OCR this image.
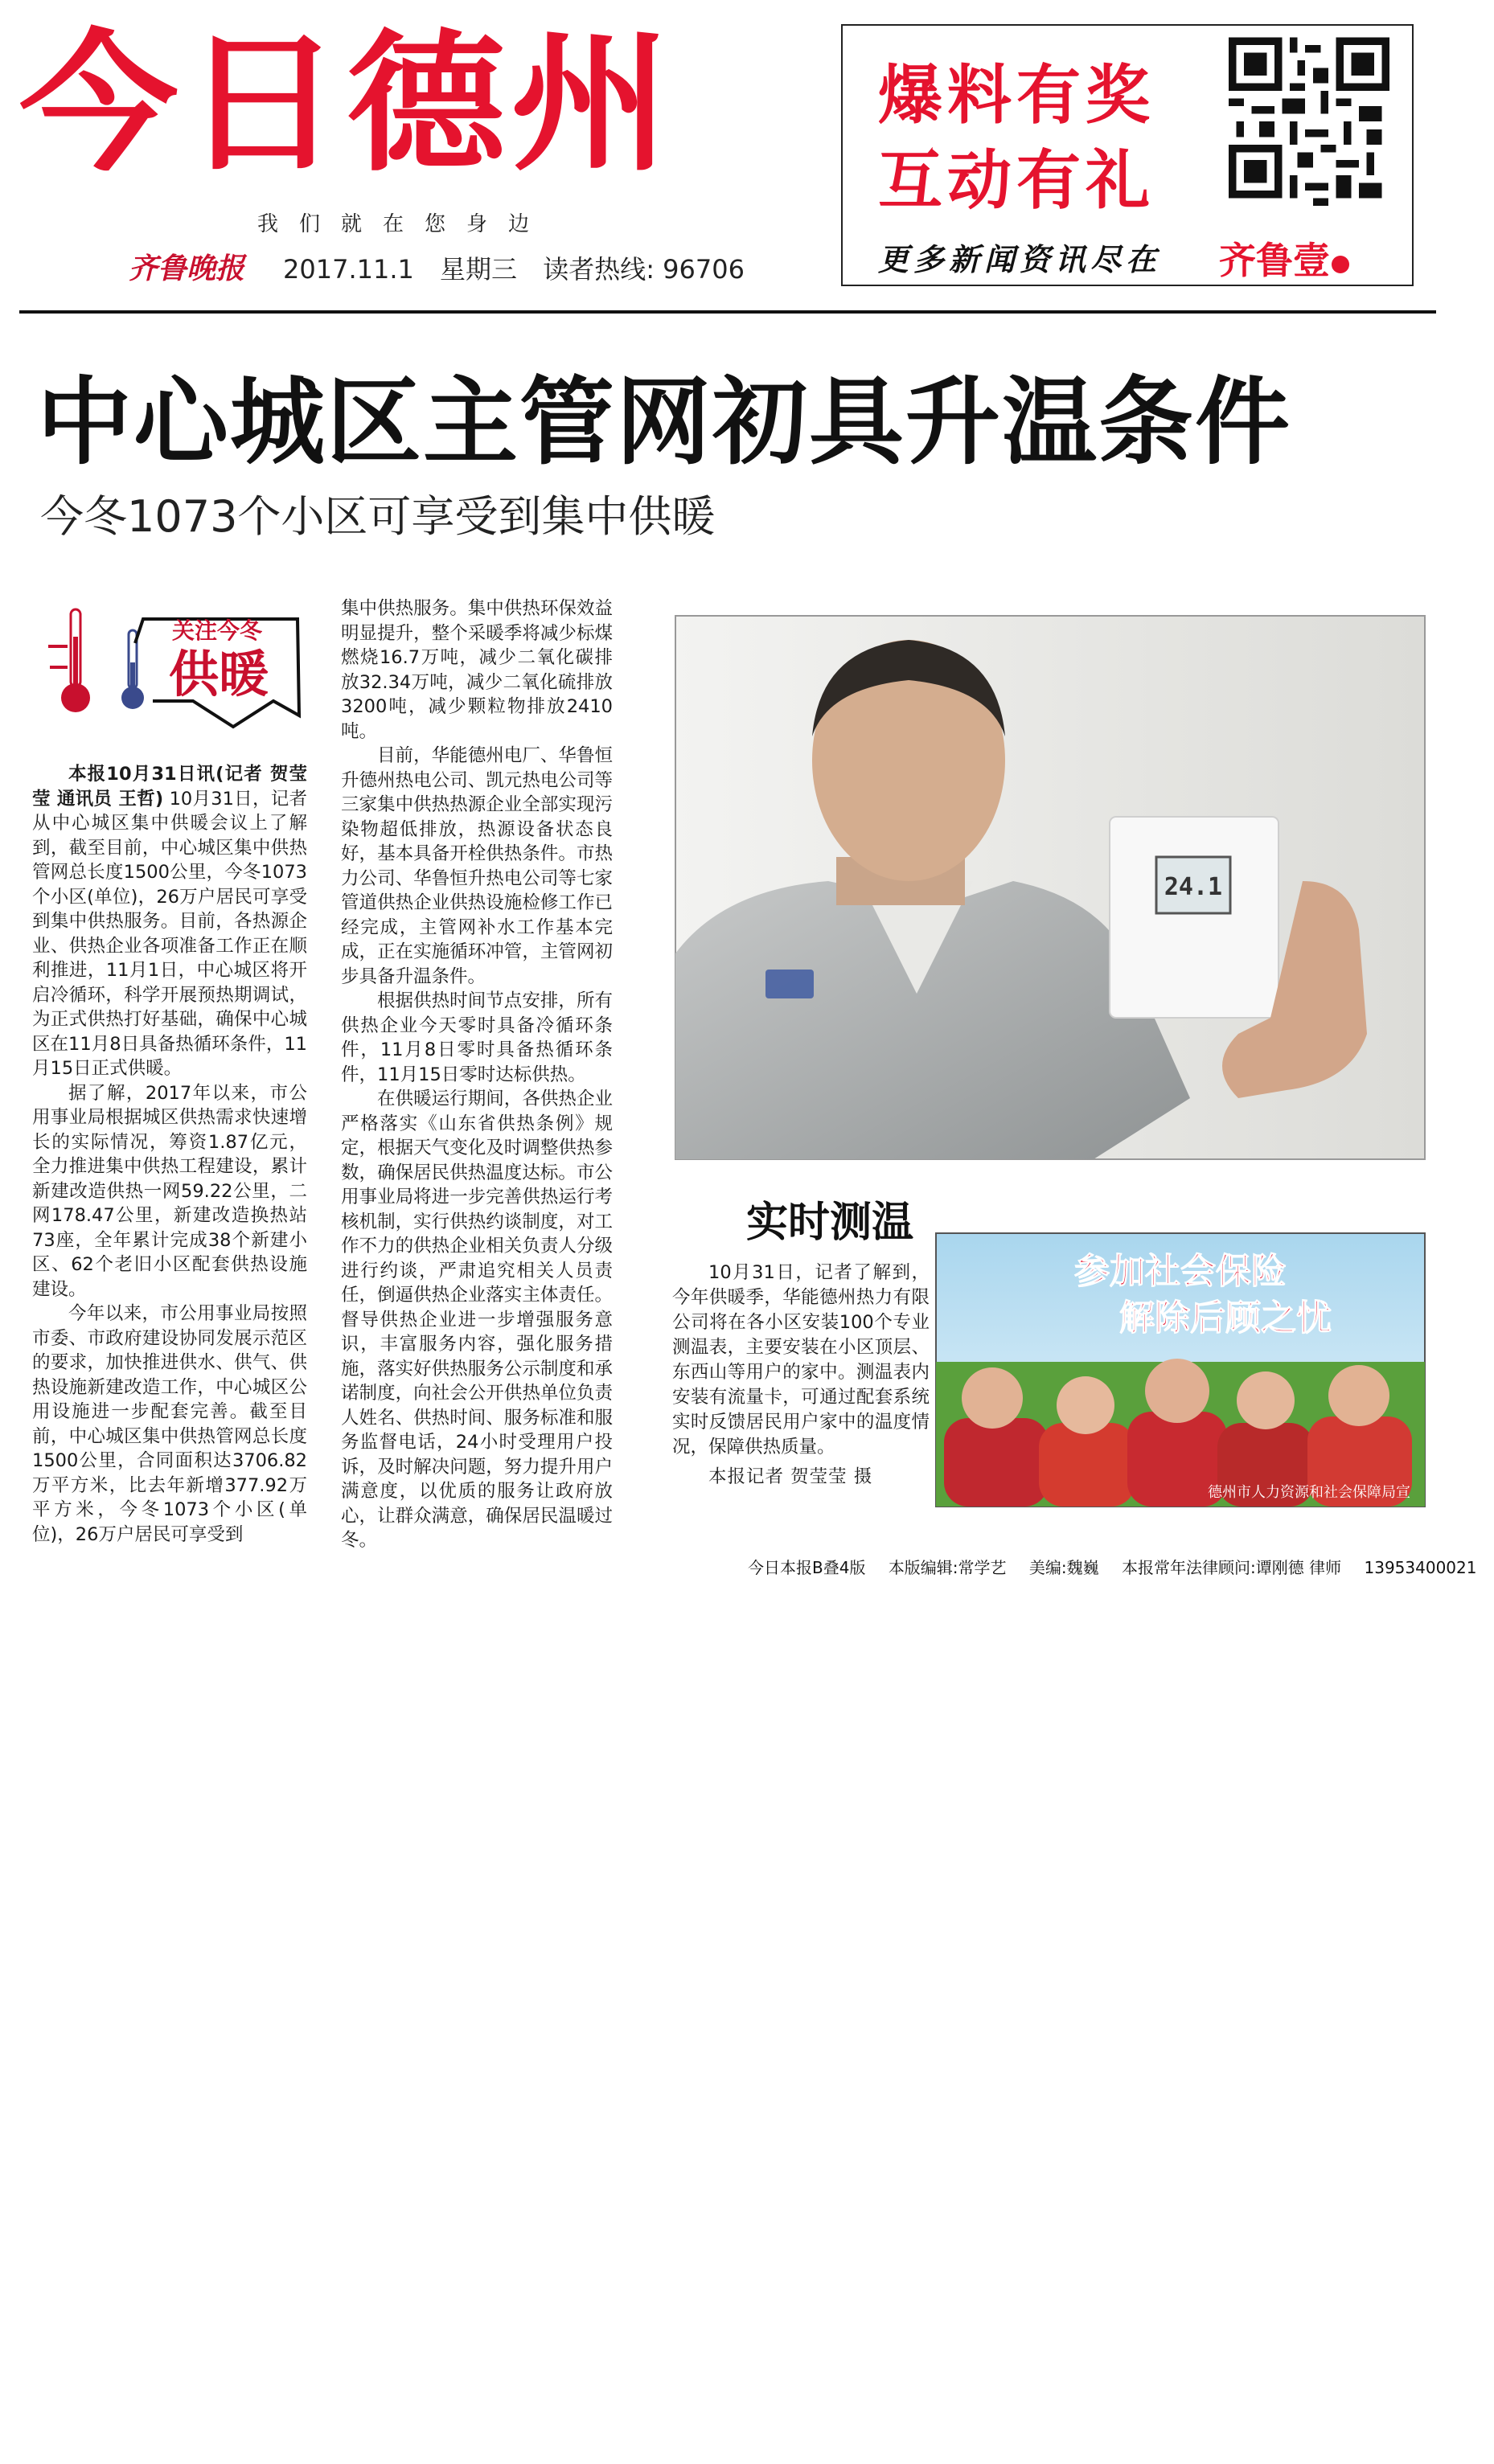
今日德州
我们就在您身边
齐鲁晚报 2017.11.1 星期三 读者热线: 96706
爆料有奖
互动有礼
更多新闻资讯尽在 齐鲁壹
中心城区主管网初具升温条件
今冬1073个小区可享受到集中供暖
关注今冬
供暖

本报10月31日讯(记者 贺莹莹 通讯员 王哲) 10月31日，记者从中心城区集中供暖会议上了解到，截至目前，中心城区集中供热管网总长度1500公里，今冬1073个小区(单位)，26万户居民可享受到集中供热服务。目前，各热源企业、供热企业各项准备工作正在顺利推进，11月1日，中心城区将开启冷循环，科学开展预热期调试，为正式供热打好基础，确保中心城区在11月8日具备热循环条件，11月15日正式供暖。

据了解，2017年以来，市公用事业局根据城区供热需求快速增长的实际情况，筹资1.87亿元，全力推进集中供热工程建设，累计新建改造供热一网59.22公里，二网178.47公里，新建改造换热站73座，全年累计完成38个新建小区、62个老旧小区配套供热设施建设。

今年以来，市公用事业局按照市委、市政府建设协同发展示范区的要求，加快推进供水、供气、供热设施新建改造工作，中心城区公用设施进一步配套完善。截至目前，中心城区集中供热管网总长度1500公里，合同面积达3706.82万平方米，比去年新增377.92万平方米，今冬1073个小区(单位)，26万户居民可享受到

集中供热服务。集中供热环保效益明显提升，整个采暖季将减少标煤燃烧16.7万吨，减少二氧化碳排放32.34万吨，减少二氧化硫排放3200吨，减少颗粒物排放2410吨。

目前，华能德州电厂、华鲁恒升德州热电公司、凯元热电公司等三家集中供热热源企业全部实现污染物超低排放，热源设备状态良好，基本具备开栓供热条件。市热力公司、华鲁恒升热电公司等七家管道供热企业供热设施检修工作已经完成，主管网补水工作基本完成，正在实施循环冲管，主管网初步具备升温条件。

根据供热时间节点安排，所有供热企业今天零时具备冷循环条件，11月8日零时具备热循环条件，11月15日零时达标供热。

在供暖运行期间，各供热企业严格落实《山东省供热条例》规定，根据天气变化及时调整供热参数，确保居民供热温度达标。市公用事业局将进一步完善供热运行考核机制，实行供热约谈制度，对工作不力的供热企业相关负责人分级进行约谈，严肃追究相关人员责任，倒逼供热企业落实主体责任。督导供热企业进一步增强服务意识，丰富服务内容，强化服务措施，落实好供热服务公示制度和承诺制度，向社会公开供热单位负责人姓名、供热时间、服务标准和服务监督电话，24小时受理用户投诉，及时解决问题，努力提升用户满意度，以优质的服务让政府放心，让群众满意，确保居民温暖过冬。

24.1
实时测温

10月31日，记者了解到，今年供暖季，华能德州热力有限公司将在各小区安装100个专业测温表，主要安装在小区顶层、东西山等用户的家中。测温表内安装有流量卡，可通过配套系统实时反馈居民用户家中的温度情况，保障供热质量。

本报记者 贺莹莹 摄

参加社会保险
解除后顾之忧
德州市人力资源和社会保障局宣
今日本报B叠4版 本版编辑:常学艺 美编:魏巍 本报常年法律顾问:谭刚德 律师 13953400021
